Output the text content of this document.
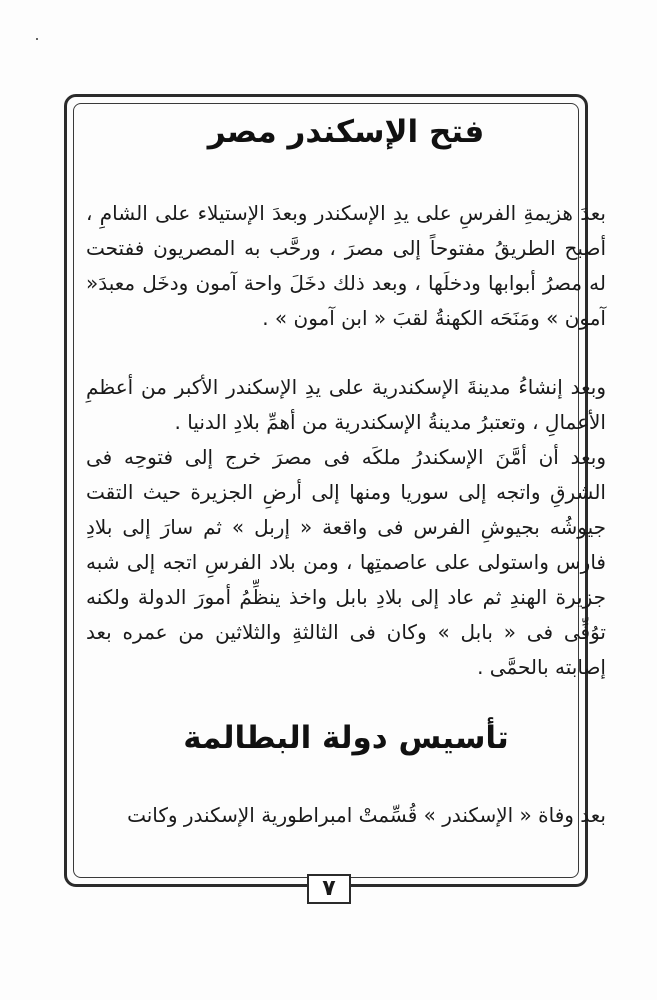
فتح الإسكندر مصر

بعدَ هزيمةِ الفرسِ على يدِ الإسكندر وبعدَ الإستيلاء على الشامِ ، أصبح الطريقُ مفتوحاً إلى مصرَ ، ورحَّب به المصريون ففتحت له مصرُ أبوابها ودخلَها ، وبعد ذلك دخَلَ واحة آمون ودخَل معبدَ« آمون » ومَنَحَه الكهنةُ لقبَ « ابن آمون » .

وبعد إنشاءُ مدينةَ الإسكندرية على يدِ الإسكندر الأكبر من أعظمِ الأعمالِ ، وتعتبرُ مدينةُ الإسكندرية من أهمِّ بلادِ الدنيا .

وبعد أن أمَّنَ الإسكندرُ ملكَه فى مصرَ خرج إلى فتوحِه فى الشرقِ واتجه إلى سوريا ومنها إلى أرضِ الجزيرة حيث التقت جيوشُه بجيوشِ الفرس فى واقعة « إربل » ثم سارَ إلى بلادِ فارس واستولى على عاصمتِها ، ومن بلاد الفرسِ اتجه إلى شبه جزيرة الهندِ ثم عاد إلى بلادِ بابل واخذ ينظِّمُ أمورَ الدولة ولكنه توُفِّى فى « بابل » وكان فى الثالثةِ والثلاثين من عمره بعد إصابته بالحمَّى .

تأسيس دولة البطالمة

بعد وفاة « الإسكندر » قُسِّمتْ امبراطورية الإسكندر وكانت

٧
